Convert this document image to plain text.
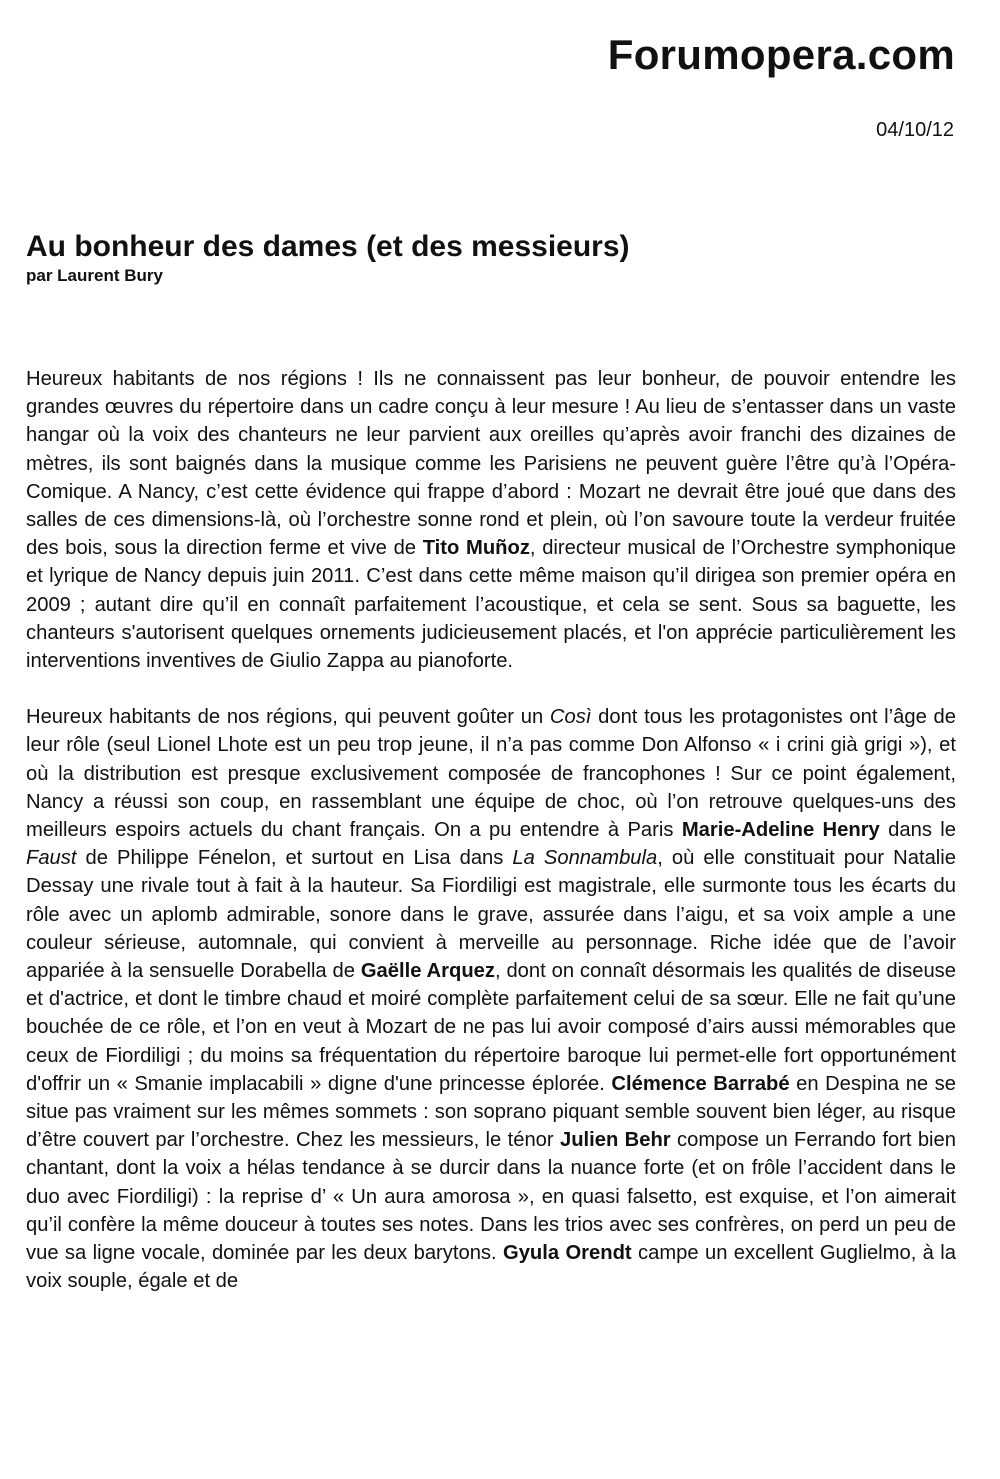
Forumopera.com
04/10/12
Au bonheur des dames (et des messieurs)
par Laurent Bury

Heureux habitants de nos régions ! Ils ne connaissent pas leur bonheur, de pouvoir entendre les grandes œuvres du répertoire dans un cadre conçu à leur mesure ! Au lieu de s’entasser dans un vaste hangar où la voix des chanteurs ne leur parvient aux oreilles qu’après avoir franchi des dizaines de mètres, ils sont baignés dans la musique comme les Parisiens ne peuvent guère l’être qu’à l’Opéra-Comique. A Nancy, c’est cette évidence qui frappe d’abord : Mozart ne devrait être joué que dans des salles de ces dimensions-là, où l’orchestre sonne rond et plein, où l’on savoure toute la verdeur fruitée des bois, sous la direction ferme et vive de Tito Muñoz, directeur musical de l’Orchestre symphonique et lyrique de Nancy depuis juin 2011. C’est dans cette même maison qu’il dirigea son premier opéra en 2009 ; autant dire qu’il en connaît parfaitement l’acoustique, et cela se sent. Sous sa baguette, les chanteurs s'autorisent quelques ornements judicieusement placés, et l'on apprécie particulièrement les interventions inventives de Giulio Zappa au pianoforte.

Heureux habitants de nos régions, qui peuvent goûter un Così dont tous les protagonistes ont l’âge de leur rôle (seul Lionel Lhote est un peu trop jeune, il n’a pas comme Don Alfonso « i crini già grigi »), et où la distribution est presque exclusivement composée de francophones ! Sur ce point également, Nancy a réussi son coup, en rassemblant une équipe de choc, où l’on retrouve quelques-uns des meilleurs espoirs actuels du chant français. On a pu entendre à Paris Marie-Adeline Henry dans le Faust de Philippe Fénelon, et surtout en Lisa dans La Sonnambula, où elle constituait pour Natalie Dessay une rivale tout à fait à la hauteur. Sa Fiordiligi est magistrale, elle surmonte tous les écarts du rôle avec un aplomb admirable, sonore dans le grave, assurée dans l’aigu, et sa voix ample a une couleur sérieuse, automnale, qui convient à merveille au personnage. Riche idée que de l’avoir appariée à la sensuelle Dorabella de Gaëlle Arquez, dont on connaît désormais les qualités de diseuse et d'actrice, et dont le timbre chaud et moiré complète parfaitement celui de sa sœur. Elle ne fait qu’une bouchée de ce rôle, et l’on en veut à Mozart de ne pas lui avoir composé d’airs aussi mémorables que ceux de Fiordiligi ; du moins sa fréquentation du répertoire baroque lui permet-elle fort opportunément d'offrir un « Smanie implacabili » digne d'une princesse éplorée. Clémence Barrabé en Despina ne se situe pas vraiment sur les mêmes sommets : son soprano piquant semble souvent bien léger, au risque d’être couvert par l’orchestre. Chez les messieurs, le ténor Julien Behr compose un Ferrando fort bien chantant, dont la voix a hélas tendance à se durcir dans la nuance forte (et on frôle l’accident dans le duo avec Fiordiligi) : la reprise d’ « Un aura amorosa », en quasi falsetto, est exquise, et l’on aimerait qu’il confère la même douceur à toutes ses notes. Dans les trios avec ses confrères, on perd un peu de vue sa ligne vocale, dominée par les deux barytons. Gyula Orendt campe un excellent Guglielmo, à la voix souple, égale et de
